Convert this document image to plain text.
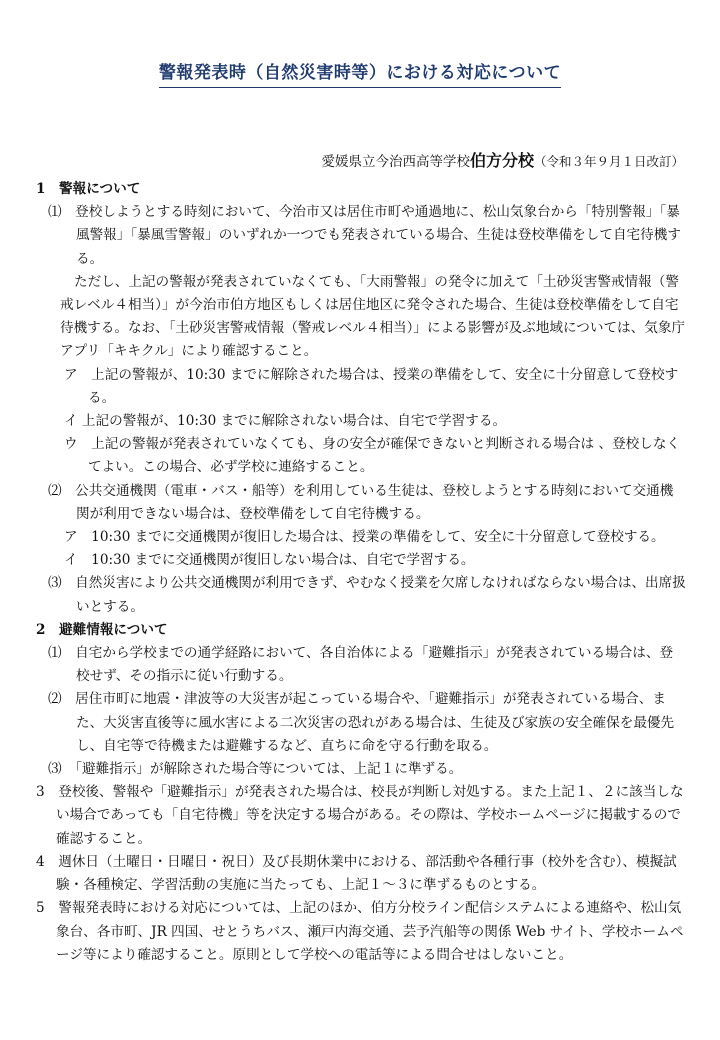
警報発表時（自然災害時等）における対応について
愛媛県立今治西高等学校伯方分校（令和３年９月１日改訂）

1　警報について

⑴　登校しようとする時刻において、今治市又は居住市町や通過地に、松山気象台から「特別警報」「暴風警報」「暴風雪警報」のいずれか一つでも発表されている場合、生徒は登校準備をして自宅待機する。

ただし、上記の警報が発表されていなくても、「大雨警報」の発令に加えて「土砂災害警戒情報（警戒レベル４相当）」が今治市伯方地区もしくは居住地区に発令された場合、生徒は登校準備をして自宅待機する。なお、「土砂災害警戒情報（警戒レベル４相当）」による影響が及ぶ地域については、気象庁アプリ「キキクル」により確認すること。

ア　上記の警報が、10:30 までに解除された場合は、授業の準備をして、安全に十分留意して登校する。

イ 上記の警報が、10:30 までに解除されない場合は、自宅で学習する。

ウ　上記の警報が発表されていなくても、身の安全が確保できないと判断される場合は 、登校しなくてよい。この場合、必ず学校に連絡すること。

⑵　公共交通機関（電車・バス・船等）を利用している生徒は、登校しようとする時刻において交通機関が利用できない場合は、登校準備をして自宅待機する。

ア　10:30 までに交通機関が復旧した場合は、授業の準備をして、安全に十分留意して登校する。

イ　10:30 までに交通機関が復旧しない場合は、自宅で学習する。

⑶　自然災害により公共交通機関が利用できず、やむなく授業を欠席しなければならない場合は、出席扱いとする。

2　避難情報について

⑴　自宅から学校までの通学経路において、各自治体による「避難指示」が発表されている場合は、登校せず、その指示に従い行動する。

⑵　居住市町に地震・津波等の大災害が起こっている場合や、「避難指示」が発表されている場合、また、大災害直後等に風水害による二次災害の恐れがある場合は、生徒及び家族の安全確保を最優先し、自宅等で待機または避難するなど、直ちに命を守る行動を取る。

⑶　「避難指示」が解除された場合等については、上記１に準ずる。

3　登校後、警報や「避難指示」が発表された場合は、校長が判断し対処する。また上記１、２に該当しない場合であっても「自宅待機」等を決定する場合がある。その際は、学校ホームページに掲載するので確認すること。

4　週休日（土曜日・日曜日・祝日）及び長期休業中における、部活動や各種行事（校外を含む）、模擬試験・各種検定、学習活動の実施に当たっても、上記１～３に準ずるものとする。

5　警報発表時における対応については、上記のほか、伯方分校ライン配信システムによる連絡や、松山気象台、各市町、JR 四国、せとうちバス、瀬戸内海交通、芸予汽船等の関係 Web サイト、学校ホームページ等により確認すること。原則として学校への電話等による問合せはしないこと。
